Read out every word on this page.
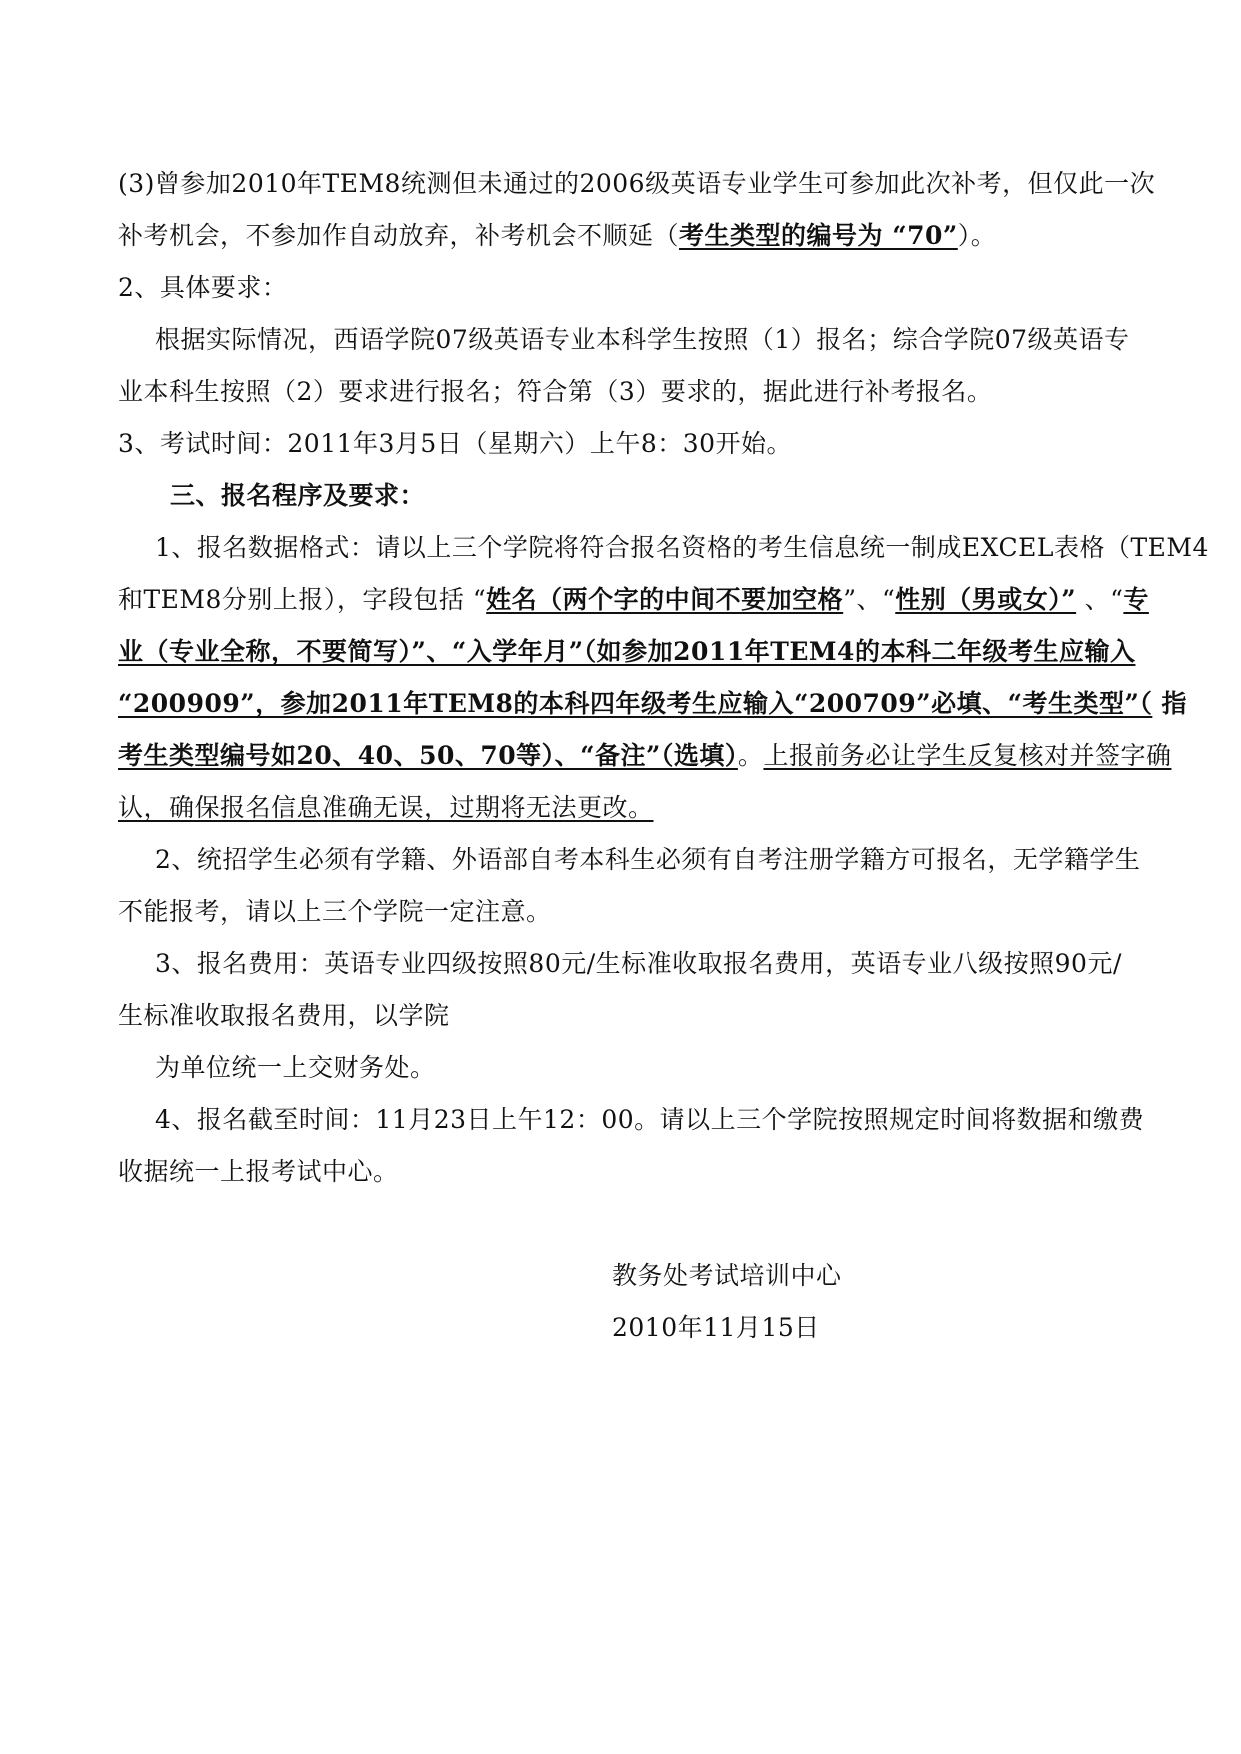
(3)曾参加2010年TEM8统测但未通过的2006级英语专业学生可参加此次补考，但仅此一次
补考机会，不参加作自动放弃，补考机会不顺延（考生类型的编号为 “70”）。
2、具体要求：
根据实际情况，西语学院07级英语专业本科学生按照（1）报名；综合学院07级英语专
业本科生按照（2）要求进行报名；符合第（3）要求的，据此进行补考报名。
3、考试时间：2011年3月5日（星期六）上午8：30开始。
三、报名程序及要求：
1、报名数据格式：请以上三个学院将符合报名资格的考生信息统一制成EXCEL表格（TEM4
和TEM8分别上报），字段包括 “姓名（两个字的中间不要加空格”、“性别（男或女）” 、“专
业（专业全称，不要简写）”、“入学年月”（如参加2011年TEM4的本科二年级考生应输入
“200909”，参加2011年TEM8的本科四年级考生应输入“200709”必填、“考生类型”（ 指
考生类型编号如20、40、50、70等）、“备注”（选填）。上报前务必让学生反复核对并签字确
认，确保报名信息准确无误，过期将无法更改。
2、统招学生必须有学籍、外语部自考本科生必须有自考注册学籍方可报名，无学籍学生
不能报考，请以上三个学院一定注意。
3、报名费用：英语专业四级按照80元/生标准收取报名费用，英语专业八级按照90元/
生标准收取报名费用，以学院
为单位统一上交财务处。
4、报名截至时间：11月23日上午12：00。请以上三个学院按照规定时间将数据和缴费
收据统一上报考试中心。
教务处考试培训中心
2010年11月15日
